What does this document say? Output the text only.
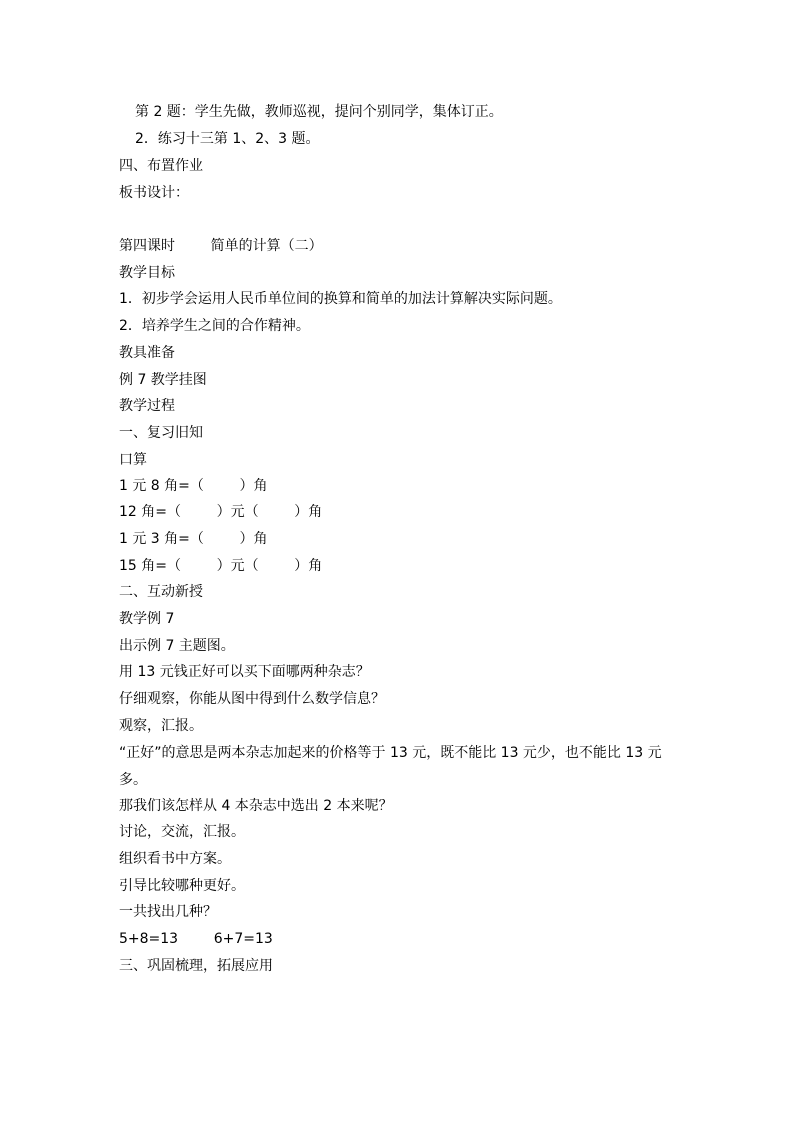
第 2 题：学生先做，教师巡视，提问个别同学，集体订正。
2．练习十三第 1、2、3 题。
四、布置作业
板书设计：
第四课时        简单的计算（二）
教学目标
1．初步学会运用人民币单位间的换算和简单的加法计算解决实际问题。
2．培养学生之间的合作精神。
教具准备
例 7 教学挂图
教学过程
一、复习旧知
口算
1 元 8 角=（        ）角
12 角=（        ）元（        ）角
1 元 3 角=（        ）角
15 角=（        ）元（        ）角
二、互动新授
教学例 7
出示例 7 主题图。
用 13 元钱正好可以买下面哪两种杂志？
仔细观察，你能从图中得到什么数学信息？
观察，汇报。
“正好”的意思是两本杂志加起来的价格等于 13 元，既不能比 13 元少，也不能比 13 元多。
那我们该怎样从 4 本杂志中选出 2 本来呢？
讨论，交流，汇报。
组织看书中方案。
引导比较哪种更好。
一共找出几种？
5+8=13        6+7=13
三、巩固梳理，拓展应用
